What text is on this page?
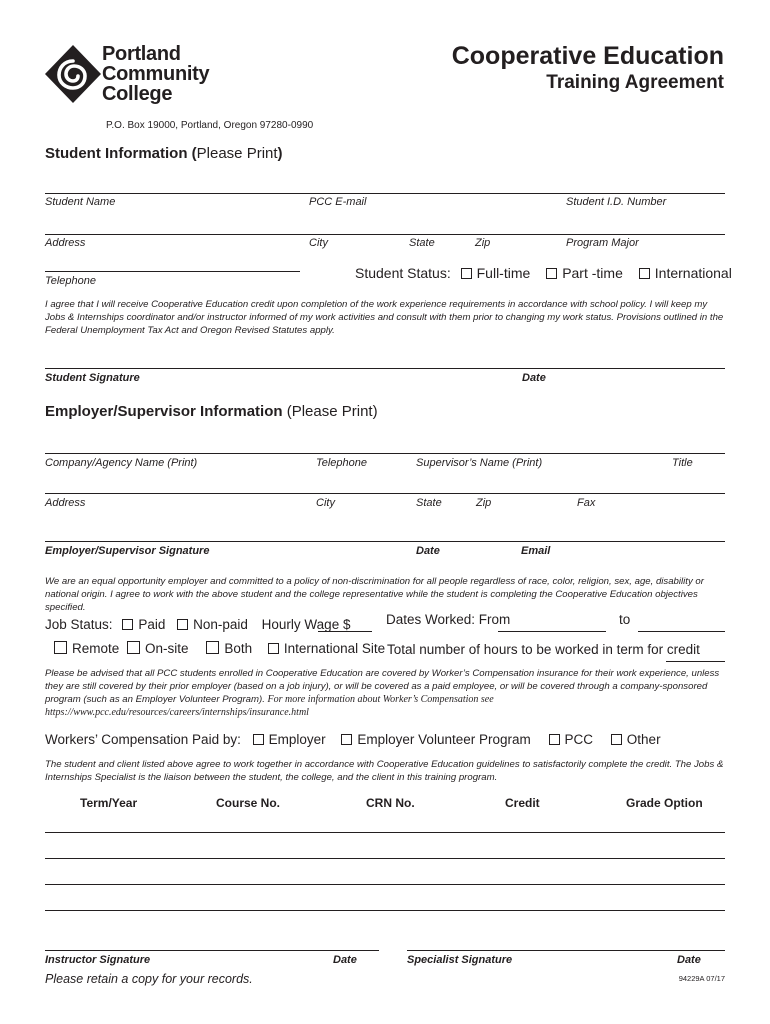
Portland
Community
College
Cooperative Education
Training Agreement
P.O. Box 19000, Portland, Oregon 97280-0990
Student Information (Please Print)
Student Name	PCC E-mail	Student I.D. Number
Address	City	State	Zip	Program Major
Telephone	Student Status: Full-time Part -time International
I agree that I will receive Cooperative Education credit upon completion of the work experience requirements in accordance with school policy. I will keep my Jobs & Internships coordinator and/or instructor informed of my work activities and consult with them prior to changing my work status. Provisions outlined in the Federal Unemployment Tax Act and Oregon Revised Statutes apply.
Student Signature	Date
Employer/Supervisor Information (Please Print)
Company/Agency Name (Print)	Telephone	Supervisor’s Name (Print)	Title
Address	City	State	Zip	Fax
Employer/Supervisor Signature	Date	Email
We are an equal opportunity employer and committed to a policy of non-discrimination for all people regardless of race, color, religion, sex, age, disability or national origin. I agree to work with the above student and the college representative while the student is completing the Cooperative Education objectives specified.
Job Status: Paid Non-paid Hourly Wage $	Dates Worked: From	to
Remote On-site	Both International Site Total number of hours to be worked in term for credit
Please be advised that all PCC students enrolled in Cooperative Education are covered by Worker’s Compensation insurance for their work experience, unless they are still covered by their prior employer (based on a job injury), or will be covered as a paid employee, or will be covered through a company-sponsored program (such as an Employer Volunteer Program). For more information about Worker’s Compensation see https://www.pcc.edu/resources/careers/internships/insurance.html
Workers’ Compensation Paid by: Employer Employer Volunteer Program	PCC	Other
The student and client listed above agree to work together in accordance with Cooperative Education guidelines to satisfactorily complete the credit. The Jobs & Internships Specialist is the liaison between the student, the college, and the client in this training program.
Term/Year	Course No.	CRN No.	Credit	Grade Option
Instructor Signature	Date	Specialist Signature	Date
Please retain a copy for your records.	94229A 07/17
